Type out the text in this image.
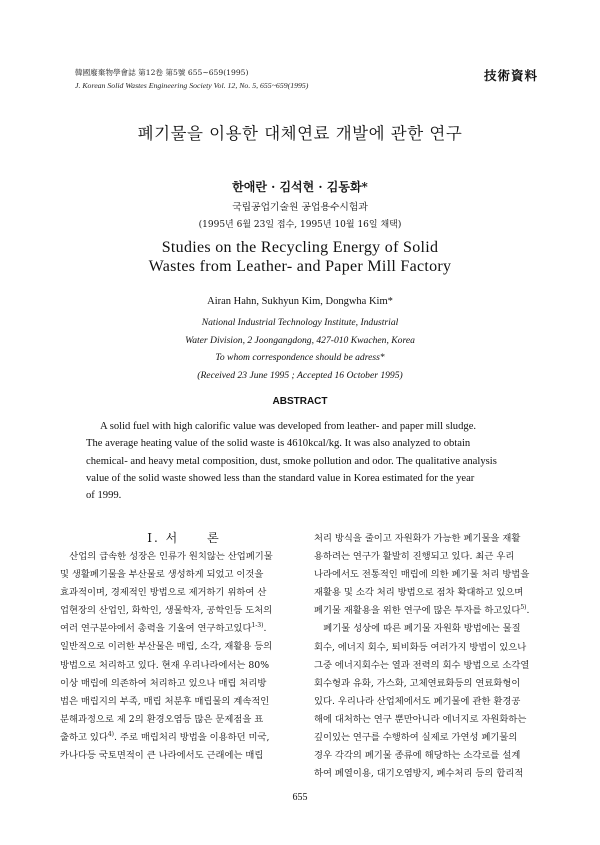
韓國廢棄物學會誌 第12卷 第5號 655~659(1995)
J. Korean Solid Wastes Engineering Society Vol. 12, No. 5, 655~659(1995)
技術資料
폐기물을 이용한 대체연료 개발에 관한 연구
한애란 · 김석현 · 김동화*
국립공업기술원 공업용수시험과
(1995년 6월 23일 접수, 1995년 10월 16일 채택)
Studies on the Recycling Energy of Solid
Wastes from Leather- and Paper Mill Factory
Airan Hahn, Sukhyun Kim, Dongwha Kim*
National Industrial Technology Institute, Industrial
Water Division, 2 Joongangdong, 427-010 Kwachen, Korea
To whom correspondence should be adress*
(Received 23 June 1995 ; Accepted 16 October 1995)
ABSTRACT
A solid fuel with high calorific value was developed from leather- and paper mill sludge.
The average heating value of the solid waste is 4610kcal/kg. It was also analyzed to obtain
chemical- and heavy metal composition, dust, smoke pollution and odor. The qualitative analysis
value of the solid waste showed less than the standard value in Korea estimated for the year
of 1999.
I. 서　　론
　산업의 급속한 성장은 인류가 원치않는 산업폐기물
및 생활폐기물을 부산물로 생성하게 되었고 이것을
효과적이며, 경제적인 방법으로 제거하기 위하여 산
업현장의 산업인, 화학인, 생물학자, 공학인등 도처의
여러 연구분야에서 총력을 기울여 연구하고있다$^{1-3)}$.
일반적으로 이러한 부산물은 매립, 소각, 재활용 등의
방법으로 처리하고 있다. 현재 우리나라에서는 80%
이상 매립에 의존하여 처리하고 있으나 매립 처리방
법은 매립지의 부족, 매립 처분후 매립물의 계속적인
분해과정으로 제 2의 환경오염등 많은 문제점을 표
출하고 있다$^{4)}$. 주로 매립처리 방법을 이용하던 미국,
카나다등 국토면적이 큰 나라에서도 근래에는 매립
처리 방식을 줄이고 자원화가 가능한 폐기물을 재활
용하려는 연구가 활발히 진행되고 있다. 최근 우리
나라에서도 전통적인 매립에 의한 폐기물 처리 방법을
재활용 및 소각 처리 방법으로 점차 확대하고 있으며
폐기물 재활용을 위한 연구에 많은 투자를 하고있다$^{5)}$.
　폐기물 성상에 따른 폐기물 자원화 방법에는 물질
회수, 에너지 회수, 퇴비화등 여러가지 방법이 있으나
그중 에너지회수는 열과 전력의 회수 방법으로 소각열
회수형과 유화, 가스화, 고체연료화등의 연료화형이
있다. 우리나라 산업체에서도 폐기물에 관한 환경공
해에 대처하는 연구 뿐만아니라 에너지로 자원화하는
깊이있는 연구를 수행하여 실제로 가연성 폐기물의
경우 각각의 폐기물 종류에 해당하는 소각로를 설계
하여 폐열이용, 대기오염방지, 폐수처리 등의 합리적
655
